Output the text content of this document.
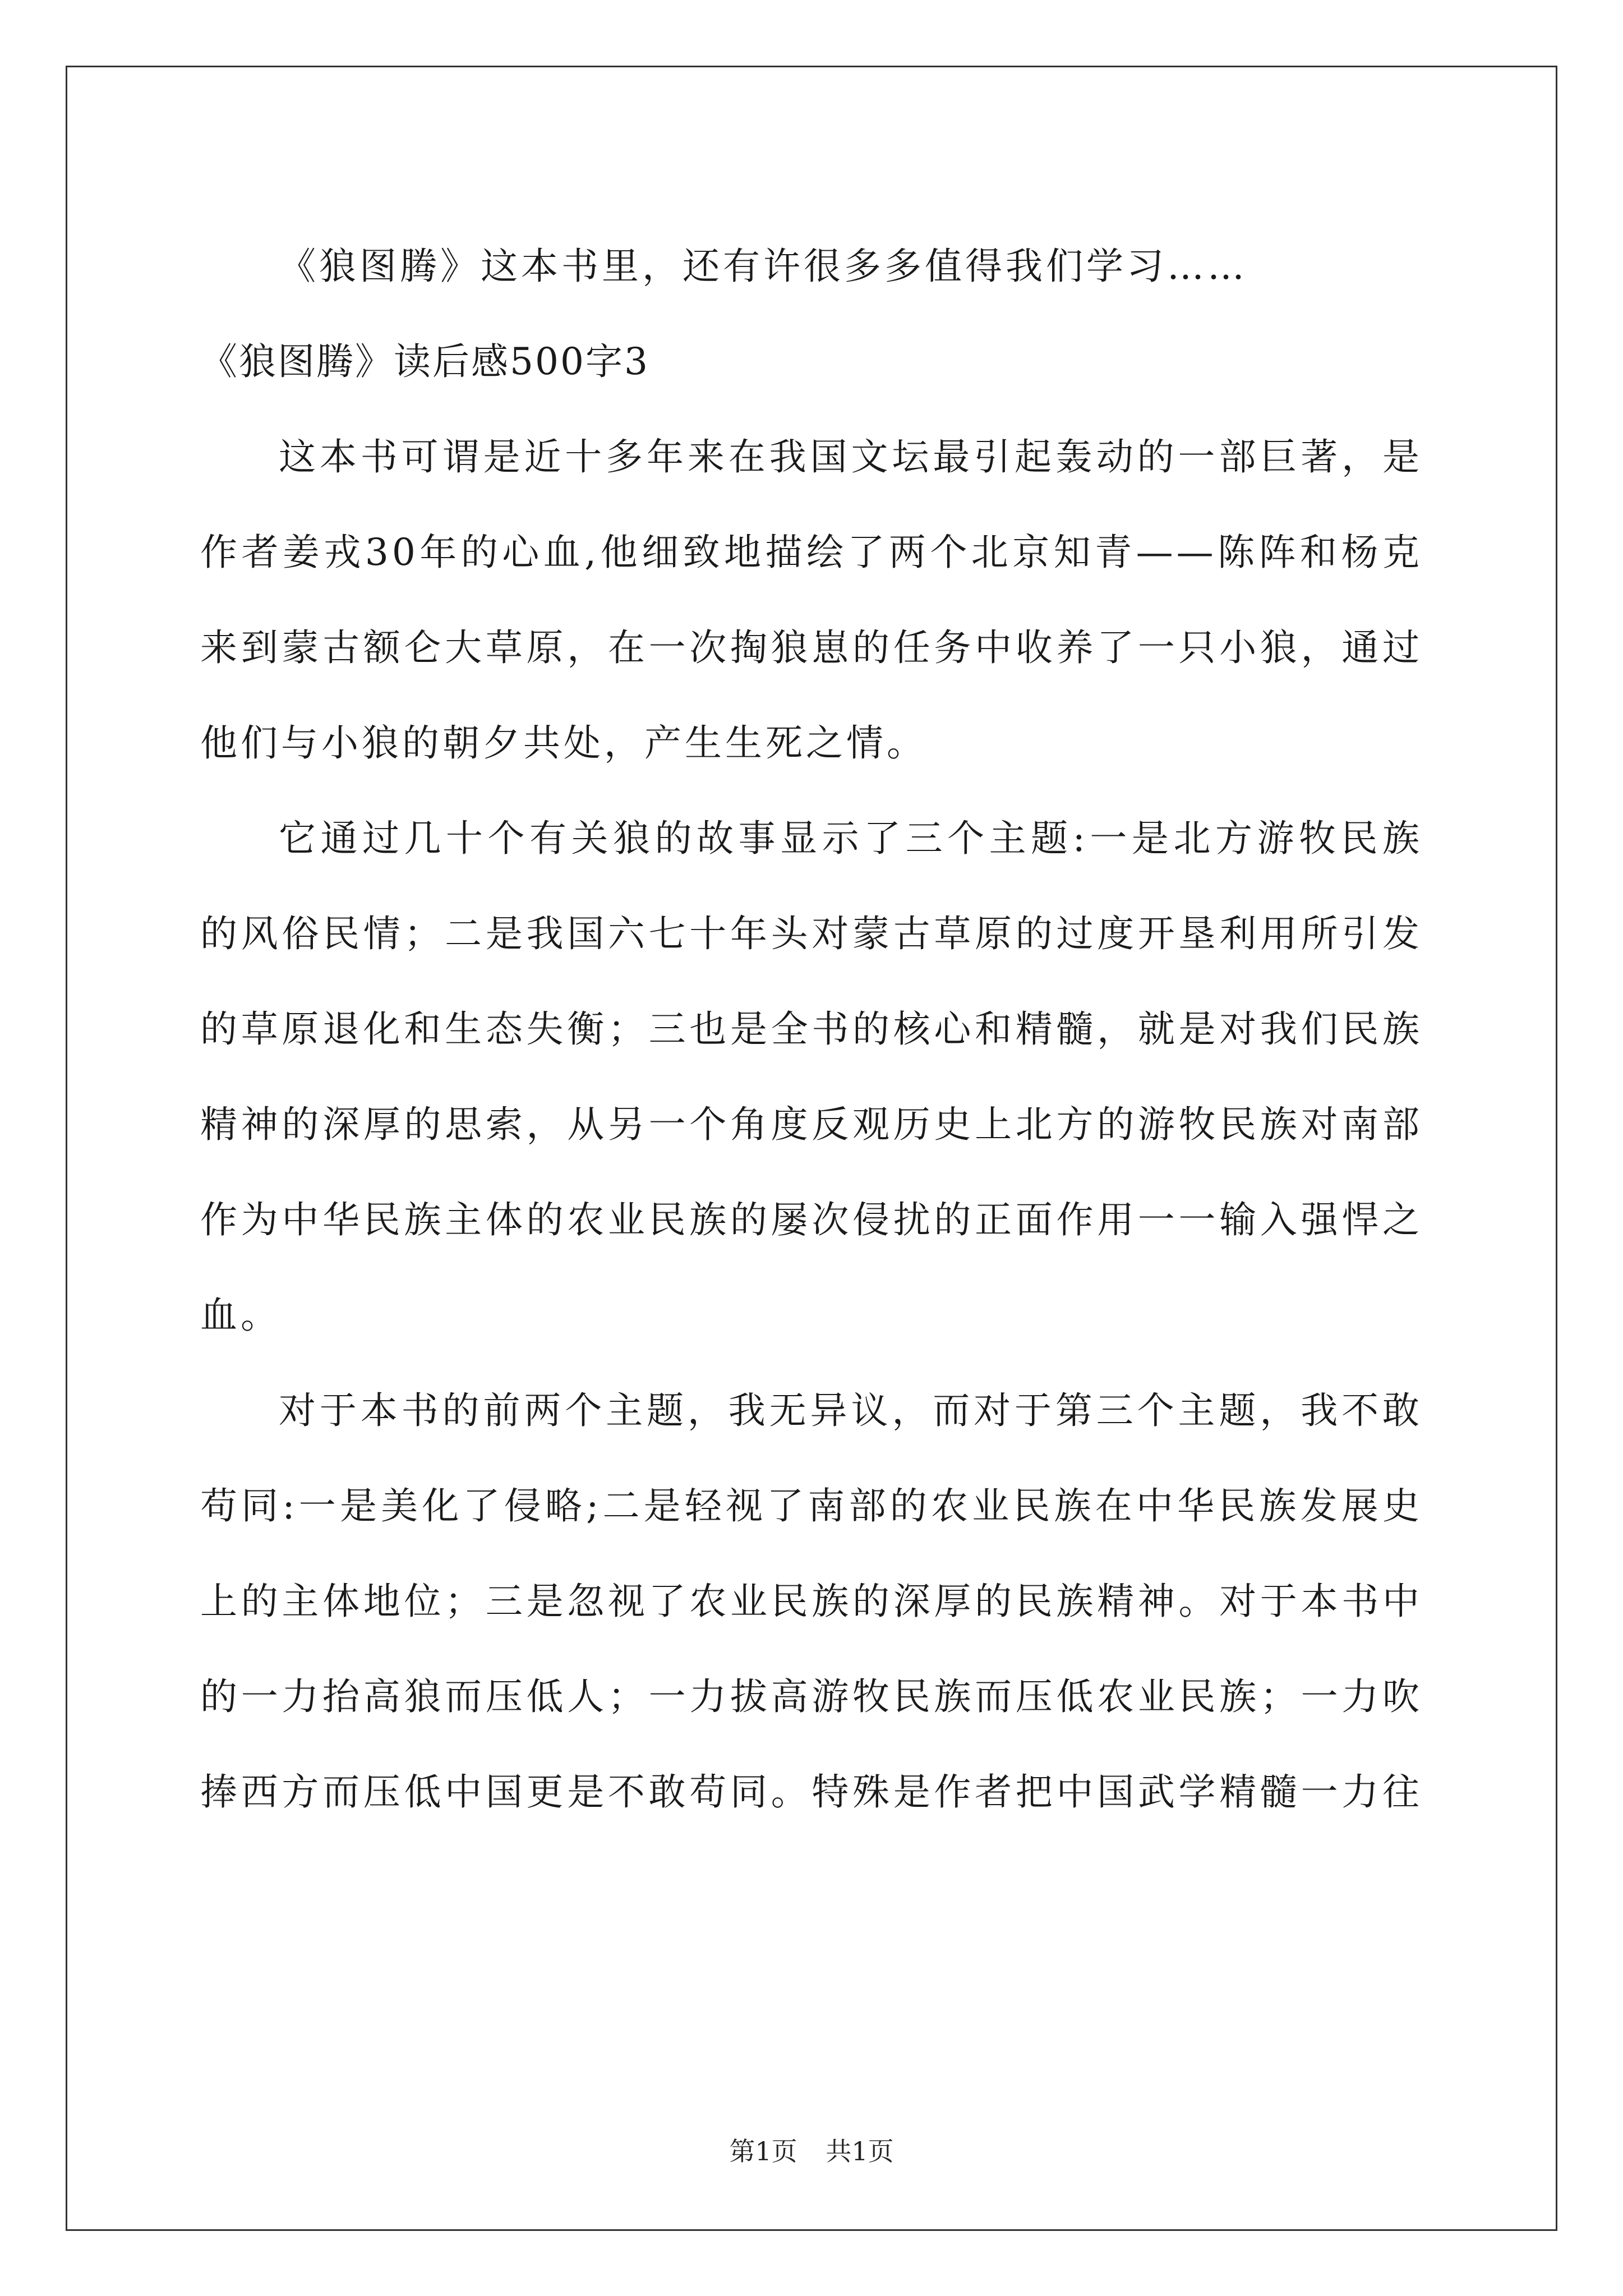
《狼图腾》这本书里，还有许很多多值得我们学习……
《狼图腾》读后感500字3
这本书可谓是近十多年来在我国文坛最引起轰动的一部巨著，是
作者姜戎30年的心血,他细致地描绘了两个北京知青——陈阵和杨克
来到蒙古额仑大草原，在一次掏狼崽的任务中收养了一只小狼，通过
他们与小狼的朝夕共处，产生生死之情。
它通过几十个有关狼的故事显示了三个主题:一是北方游牧民族
的风俗民情；二是我国六七十年头对蒙古草原的过度开垦利用所引发
的草原退化和生态失衡；三也是全书的核心和精髓，就是对我们民族
精神的深厚的思索，从另一个角度反观历史上北方的游牧民族对南部
作为中华民族主体的农业民族的屡次侵扰的正面作用一一输入强悍之
血。
对于本书的前两个主题，我无异议，而对于第三个主题，我不敢
苟同:一是美化了侵略;二是轻视了南部的农业民族在中华民族发展史
上的主体地位；三是忽视了农业民族的深厚的民族精神。对于本书中
的一力抬高狼而压低人；一力拔高游牧民族而压低农业民族；一力吹
捧西方而压低中国更是不敢苟同。特殊是作者把中国武学精髓一力往
第1页 共1页
